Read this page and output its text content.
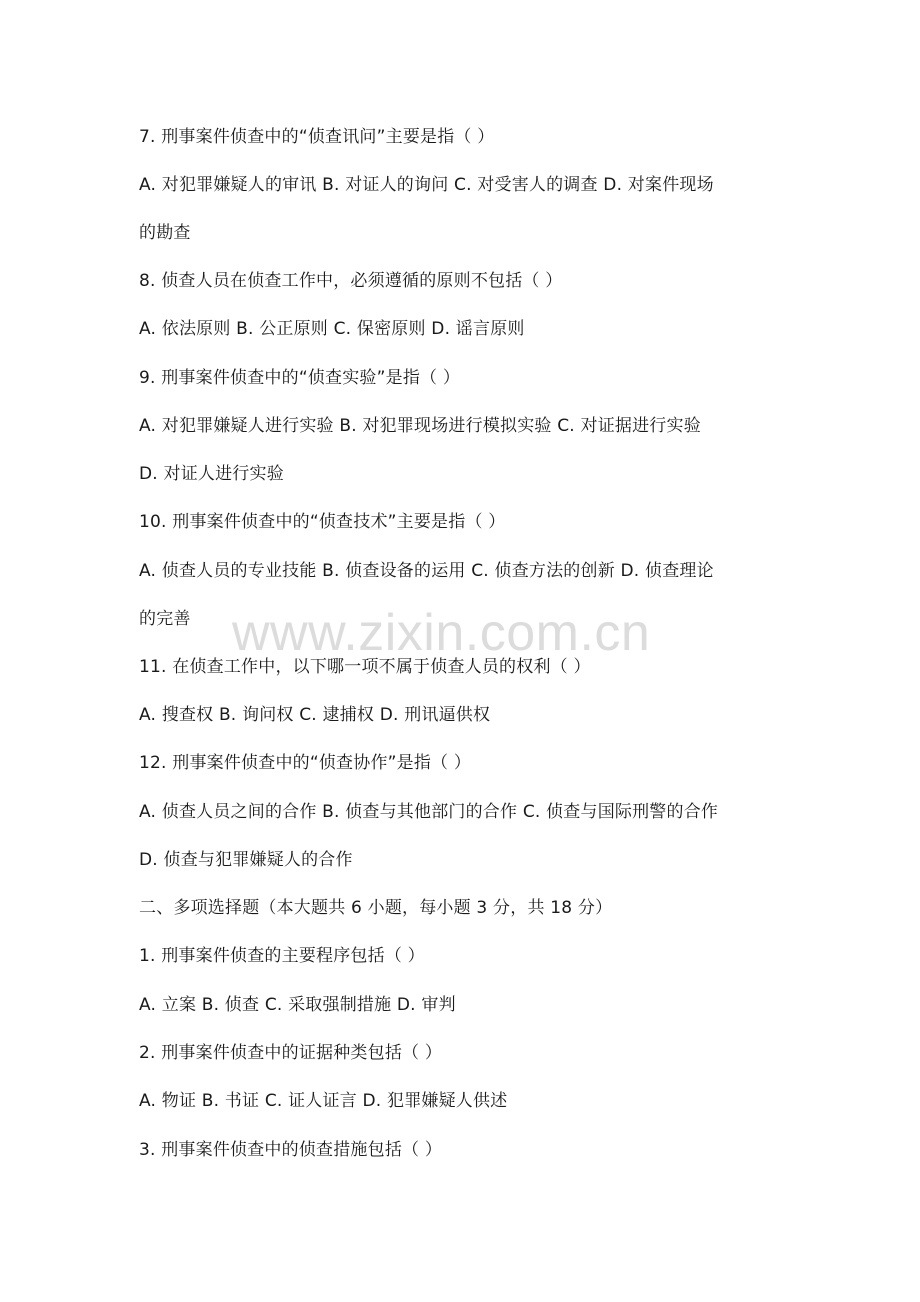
www.zixin.com.cn
7. 刑事案件侦查中的“侦查讯问”主要是指（ ）
A. 对犯罪嫌疑人的审讯 B. 对证人的询问 C. 对受害人的调查 D. 对案件现场
的勘查
8. 侦查人员在侦查工作中，必须遵循的原则不包括（ ）
A. 依法原则 B. 公正原则 C. 保密原则 D. 谣言原则
9. 刑事案件侦查中的“侦查实验”是指（ ）
A. 对犯罪嫌疑人进行实验 B. 对犯罪现场进行模拟实验 C. 对证据进行实验
D. 对证人进行实验
10. 刑事案件侦查中的“侦查技术”主要是指（ ）
A. 侦查人员的专业技能 B. 侦查设备的运用 C. 侦查方法的创新 D. 侦查理论
的完善
11. 在侦查工作中，以下哪一项不属于侦查人员的权利（ ）
A. 搜查权 B. 询问权 C. 逮捕权 D. 刑讯逼供权
12. 刑事案件侦查中的“侦查协作”是指（ ）
A. 侦查人员之间的合作 B. 侦查与其他部门的合作 C. 侦查与国际刑警的合作
D. 侦查与犯罪嫌疑人的合作
二、多项选择题（本大题共 6 小题，每小题 3 分，共 18 分）
1. 刑事案件侦查的主要程序包括（ ）
A. 立案 B. 侦查 C. 采取强制措施 D. 审判
2. 刑事案件侦查中的证据种类包括（ ）
A. 物证 B. 书证 C. 证人证言 D. 犯罪嫌疑人供述
3. 刑事案件侦查中的侦查措施包括（ ）
